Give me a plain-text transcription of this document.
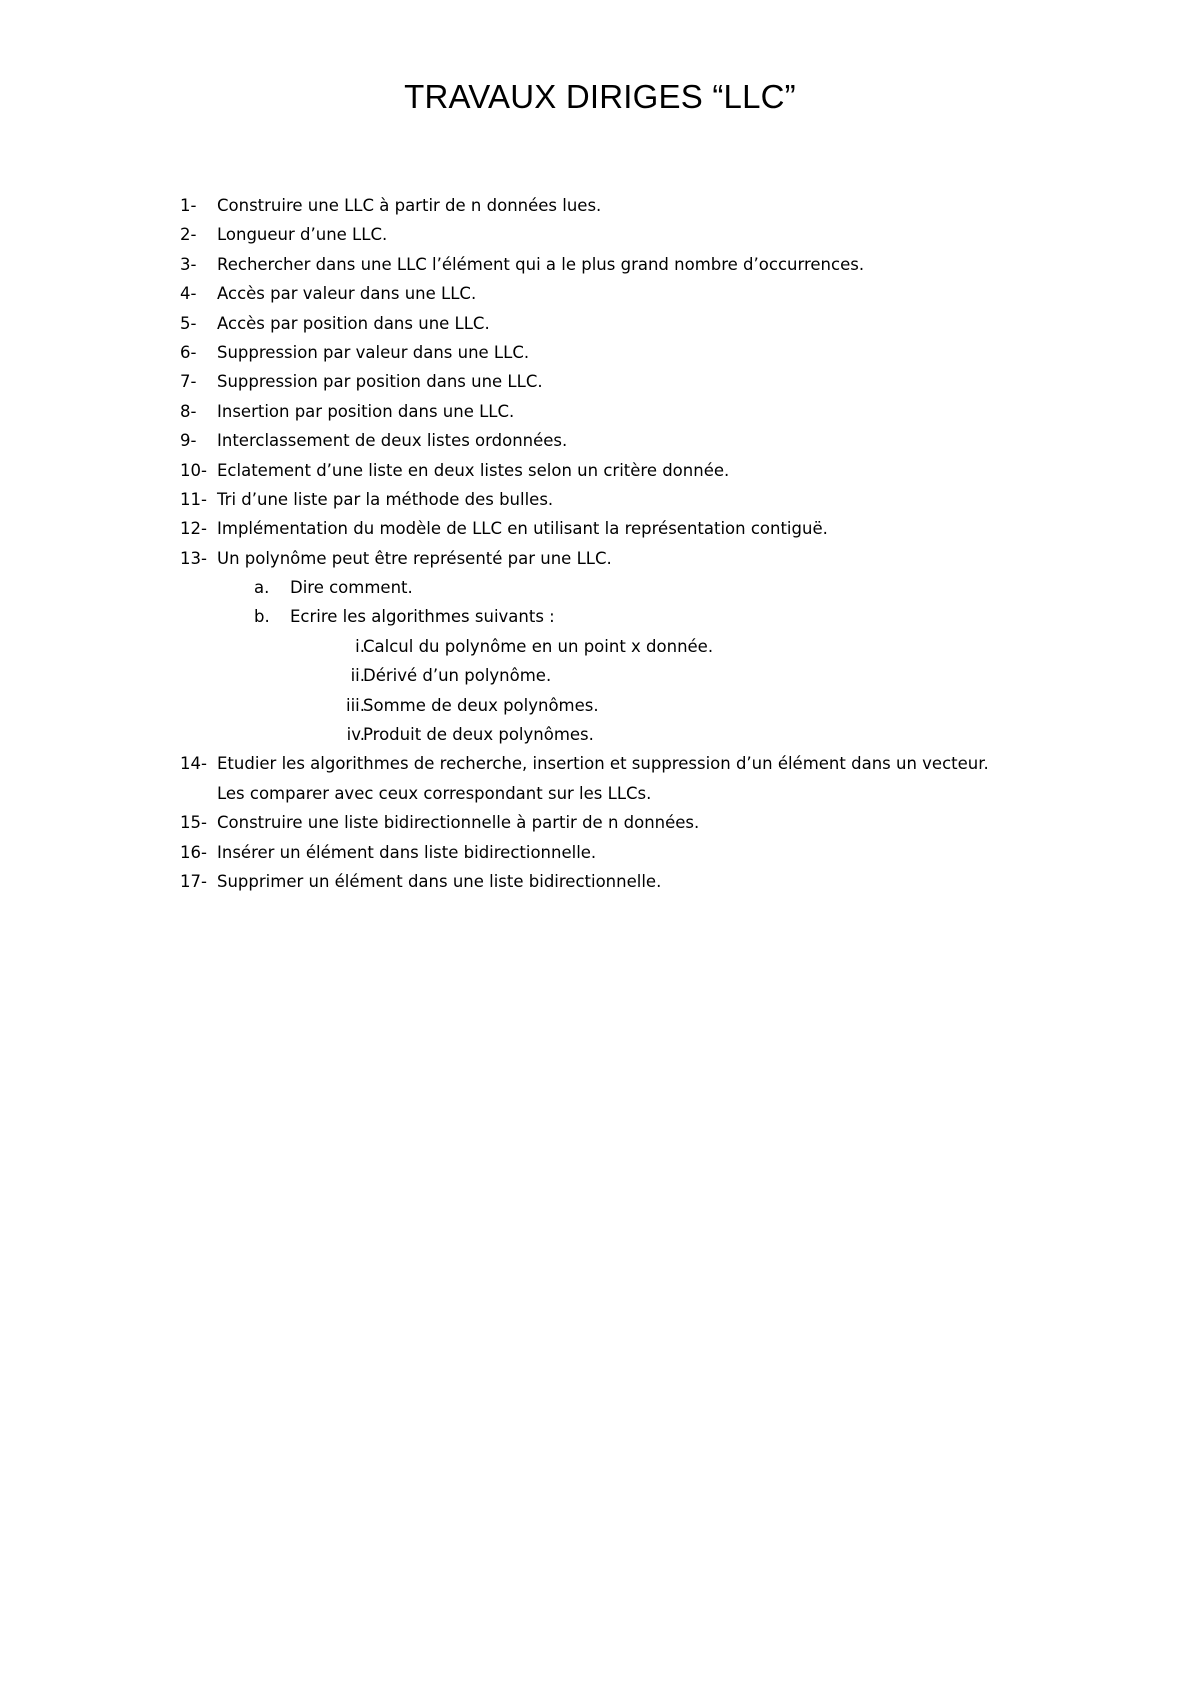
TRAVAUX DIRIGES “LLC”
1- Construire une LLC à partir de n données lues.
2- Longueur d’une LLC.
3- Rechercher dans une LLC l’élément qui a le plus grand nombre d’occurrences.
4- Accès par valeur dans une LLC.
5- Accès par position dans une LLC.
6- Suppression par valeur dans une LLC.
7- Suppression par position dans une LLC.
8- Insertion par position dans une LLC.
9- Interclassement de deux listes ordonnées.
10- Eclatement d’une liste en deux listes selon un critère donnée.
11- Tri d’une liste par la méthode des bulles.
12- Implémentation du modèle de LLC en utilisant la représentation contiguë.
13- Un polynôme peut être représenté par une LLC.
a. Dire comment.
b. Ecrire les algorithmes suivants :
i.
Calcul du polynôme en un point x donnée.
ii.
Dérivé d’un polynôme.
iii.
Somme de deux polynômes.
iv.
Produit de deux polynômes.
14- Etudier les algorithmes de recherche, insertion et suppression d’un élément dans un vecteur.
Les comparer avec ceux correspondant sur les LLCs.
15- Construire une liste bidirectionnelle à partir de n données.
16- Insérer un élément dans liste bidirectionnelle.
17- Supprimer un élément dans une liste bidirectionnelle.
